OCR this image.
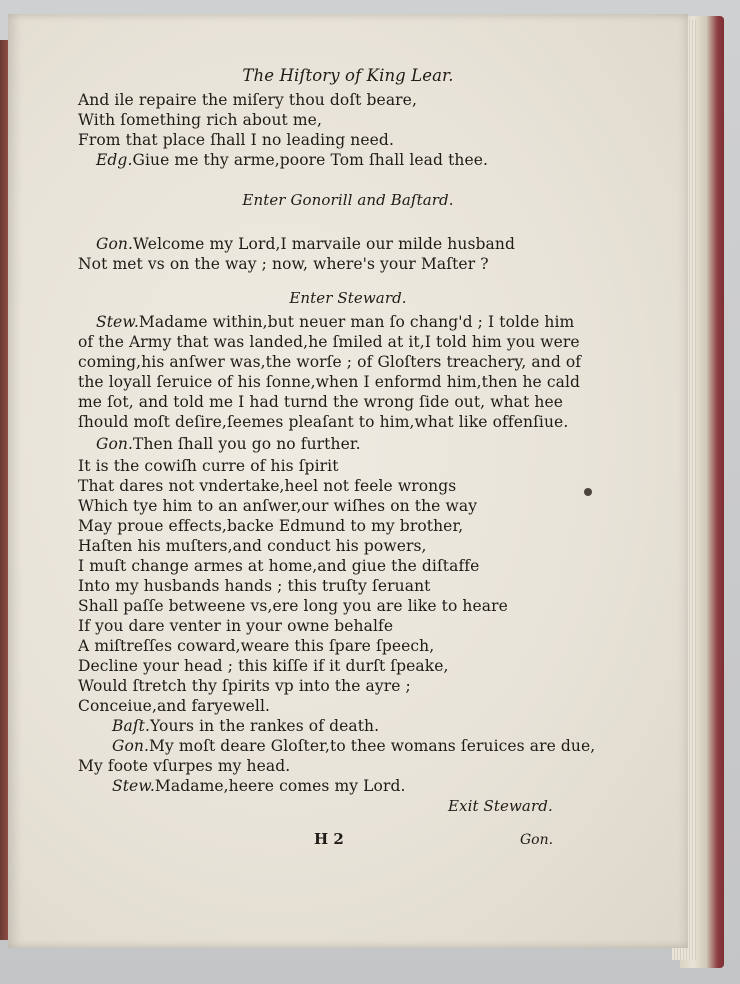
The Hiſtory of King Lear.
And ile repaire the miſery thou doſt beare,
With ſomething rich about me,
From that place ſhall I no leading need.
Edg.Giue me thy arme,poore Tom ſhall lead thee.
Enter Gonorill and Baſtard.
Gon.Welcome my Lord,I marvaile our milde husband
Not met vs on the way ; now, where's your Maſter ?
Enter Steward.
Stew.Madame within,but neuer man ſo chang'd ; I tolde him
of the Army that was landed,he ſmiled at it,I told him you were
coming,his anſwer was,the worſe ; of Gloſters treachery, and of
the loyall ſeruice of his ſonne,when I enformd him,then he cald
me ſot, and told me I had turnd the wrong ſide out, what hee
ſhould moſt deſire,ſeemes pleaſant to him,what like offenſiue.
Gon.Then ſhall you go no further.
It is the cowiſh curre of his ſpirit
That dares not vndertake,heel not feele wrongs
Which tye him to an anſwer,our wiſhes on the way
May proue effects,backe Edmund to my brother,
Haſten his muſters,and conduct his powers,
I muſt change armes at home,and giue the diſtaffe
Into my husbands hands ; this truſty ſeruant
Shall paſſe betweene vs,ere long you are like to heare
If you dare venter in your owne behalfe
A miſtreſſes coward,weare this ſpare ſpeech,
Decline your head ; this kiſſe if it durſt ſpeake,
Would ſtretch thy ſpirits vp into the ayre ;
Conceiue,and faryewell.
Baſt.Yours in the rankes of death.
Gon.My moſt deare Gloſter,to thee womans ſeruices are due,
My foote vſurpes my head.
Stew.Madame,heere comes my Lord.
Exit Steward.
H 2	Gon.
